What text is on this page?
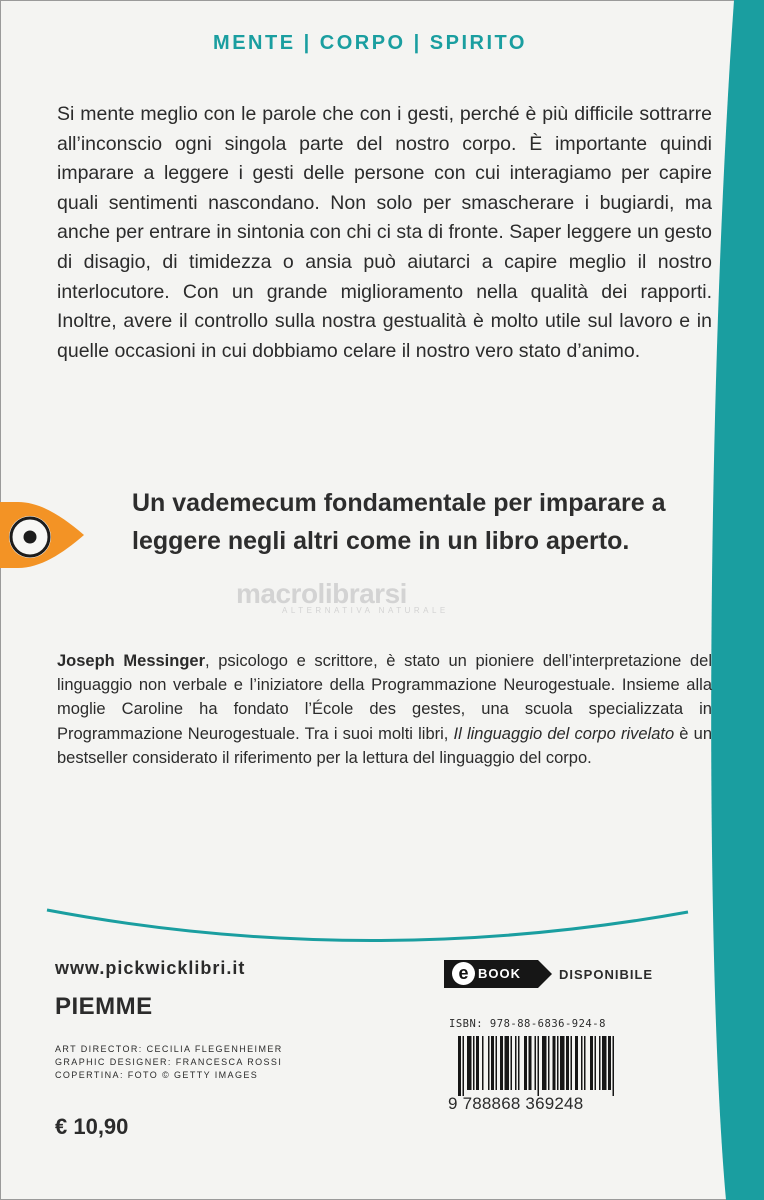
MENTE | CORPO | SPIRITO

Si mente meglio con le parole che con i gesti, perché è più difficile sottrarre all’inconscio ogni singola parte del nostro corpo. È importante quindi imparare a leggere i gesti delle persone con cui interagiamo per capire quali sentimenti nascondano. Non solo per smascherare i bugiardi, ma anche per entrare in sintonia con chi ci sta di fronte. Saper leggere un gesto di disagio, di timidezza o ansia può aiutarci a capire meglio il nostro interlocutore. Con un grande miglioramento nella qualità dei rapporti. Inoltre, avere il controllo sulla nostra gestualità è molto utile sul lavoro e in quelle occasioni in cui dobbiamo celare il nostro vero stato d’animo.

Un vademecum fondamentale per imparare a leggere negli altri come in un libro aperto.

macrolibrarsi
ALTERNATIVA NATURALE

Joseph Messinger, psicologo e scrittore, è stato un pioniere dell’interpretazione del linguaggio non verbale e l’iniziatore della Programmazione Neurogestuale. Insieme alla moglie Caroline ha fondato l’École des gestes, una scuola specializzata in Programmazione Neurogestuale. Tra i suoi molti libri, Il linguaggio del corpo rivelato è un bestseller considerato il riferimento per la lettura del linguaggio del corpo.

www.pickwicklibri.it
PIEMME
ART DIRECTOR: CECILIA FLEGENHEIMER
GRAPHIC DESIGNER: FRANCESCA ROSSI
COPERTINA: FOTO © GETTY IMAGES
€ 10,90
e BOOK	DISPONIBILE
ISBN: 978-88-6836-924-8
9 788868 369248
